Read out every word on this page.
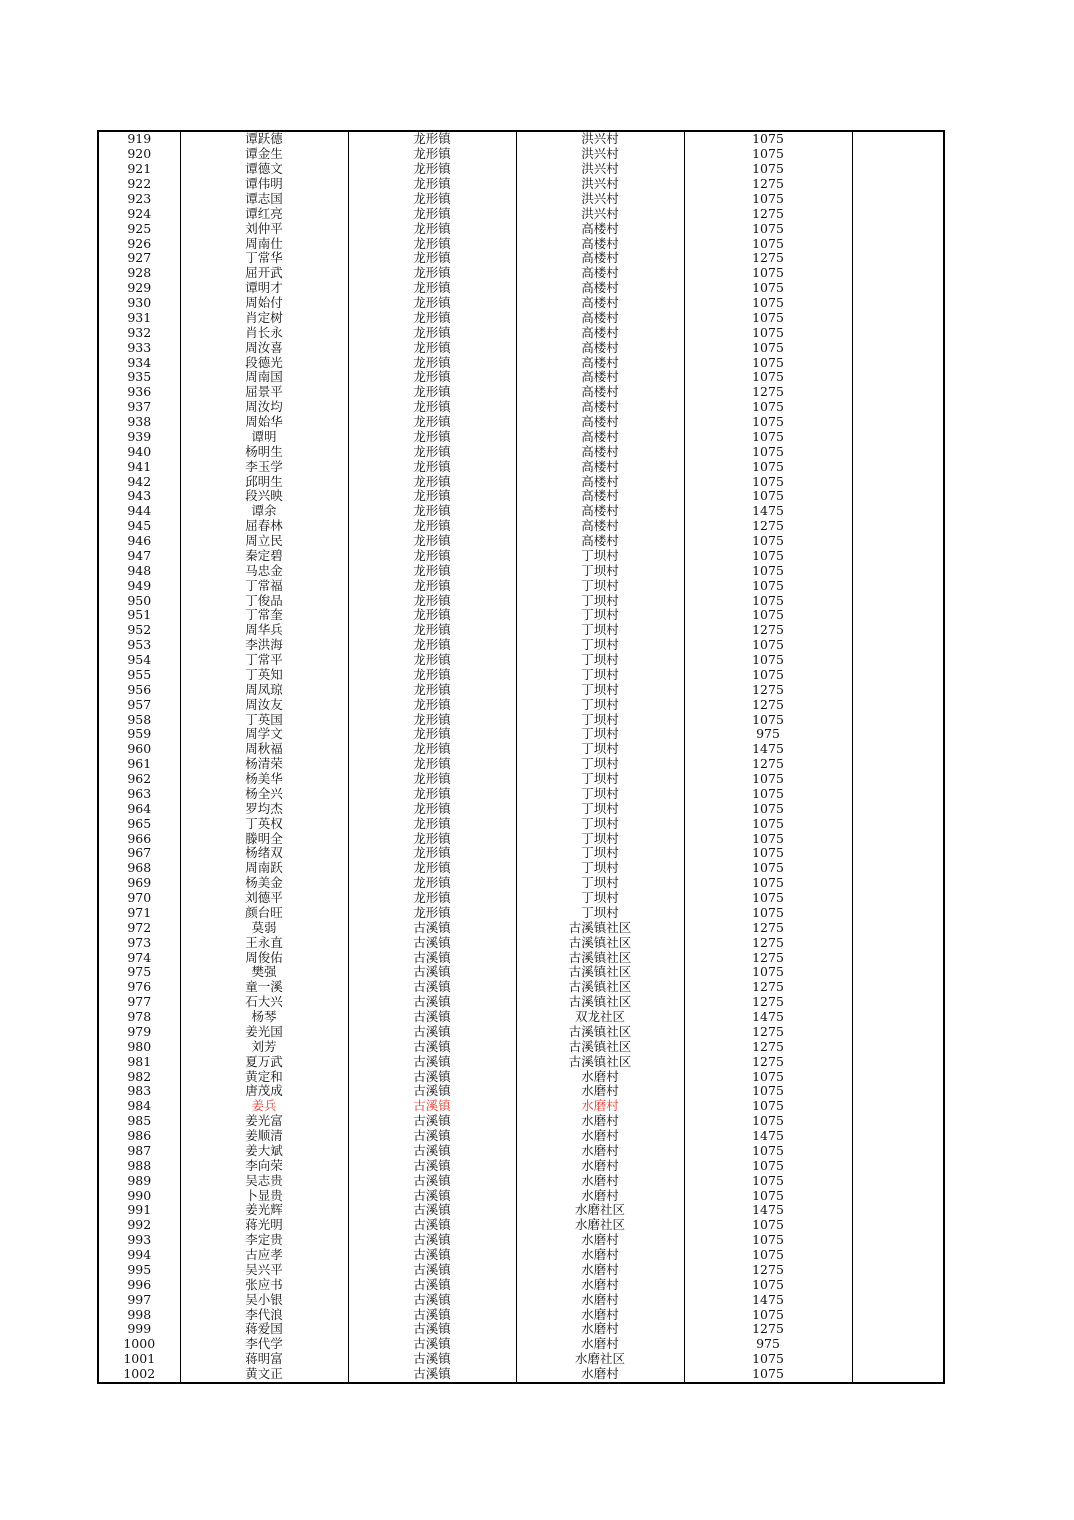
919	谭跃德	龙形镇	洪兴村	1075	
920	谭金生	龙形镇	洪兴村	1075	
921	谭德文	龙形镇	洪兴村	1075	
922	谭伟明	龙形镇	洪兴村	1275	
923	谭志国	龙形镇	洪兴村	1075	
924	谭红亮	龙形镇	洪兴村	1275	
925	刘仲平	龙形镇	高楼村	1075	
926	周南仕	龙形镇	高楼村	1075	
927	丁常华	龙形镇	高楼村	1275	
928	屈开武	龙形镇	高楼村	1075	
929	谭明才	龙形镇	高楼村	1075	
930	周始付	龙形镇	高楼村	1075	
931	肖定树	龙形镇	高楼村	1075	
932	肖长永	龙形镇	高楼村	1075	
933	周汝喜	龙形镇	高楼村	1075	
934	段德光	龙形镇	高楼村	1075	
935	周南国	龙形镇	高楼村	1075	
936	屈景平	龙形镇	高楼村	1275	
937	周汝均	龙形镇	高楼村	1075	
938	周始华	龙形镇	高楼村	1075	
939	谭明	龙形镇	高楼村	1075	
940	杨明生	龙形镇	高楼村	1075	
941	李玉学	龙形镇	高楼村	1075	
942	邱明生	龙形镇	高楼村	1075	
943	段兴映	龙形镇	高楼村	1075	
944	谭余	龙形镇	高楼村	1475	
945	屈春林	龙形镇	高楼村	1275	
946	周立民	龙形镇	高楼村	1075	
947	秦定碧	龙形镇	丁坝村	1075	
948	马忠金	龙形镇	丁坝村	1075	
949	丁常福	龙形镇	丁坝村	1075	
950	丁俊品	龙形镇	丁坝村	1075	
951	丁常奎	龙形镇	丁坝村	1075	
952	周华兵	龙形镇	丁坝村	1275	
953	李洪海	龙形镇	丁坝村	1075	
954	丁常平	龙形镇	丁坝村	1075	
955	丁英知	龙形镇	丁坝村	1075	
956	周凤琼	龙形镇	丁坝村	1275	
957	周汝友	龙形镇	丁坝村	1275	
958	丁英国	龙形镇	丁坝村	1075	
959	周学文	龙形镇	丁坝村	975	
960	周秋福	龙形镇	丁坝村	1475	
961	杨清荣	龙形镇	丁坝村	1275	
962	杨美华	龙形镇	丁坝村	1075	
963	杨全兴	龙形镇	丁坝村	1075	
964	罗均杰	龙形镇	丁坝村	1075	
965	丁英权	龙形镇	丁坝村	1075	
966	滕明全	龙形镇	丁坝村	1075	
967	杨绪双	龙形镇	丁坝村	1075	
968	周南跃	龙形镇	丁坝村	1075	
969	杨美金	龙形镇	丁坝村	1075	
970	刘德平	龙形镇	丁坝村	1075	
971	颜台旺	龙形镇	丁坝村	1075	
972	莫弱	古溪镇	古溪镇社区	1275	
973	王永直	古溪镇	古溪镇社区	1275	
974	周俊佑	古溪镇	古溪镇社区	1275	
975	樊强	古溪镇	古溪镇社区	1075	
976	童一溪	古溪镇	古溪镇社区	1275	
977	石大兴	古溪镇	古溪镇社区	1275	
978	杨琴	古溪镇	双龙社区	1475	
979	姜光国	古溪镇	古溪镇社区	1275	
980	刘芳	古溪镇	古溪镇社区	1275	
981	夏万武	古溪镇	古溪镇社区	1275	
982	黄定和	古溪镇	水磨村	1075	
983	唐茂成	古溪镇	水磨村	1075	
984	姜兵	古溪镇	水磨村	1075	
985	姜光富	古溪镇	水磨村	1075	
986	姜顺清	古溪镇	水磨村	1475	
987	姜大斌	古溪镇	水磨村	1075	
988	李向荣	古溪镇	水磨村	1075	
989	吴志贵	古溪镇	水磨村	1075	
990	卜显贵	古溪镇	水磨村	1075	
991	姜光辉	古溪镇	水磨社区	1475	
992	蒋光明	古溪镇	水磨社区	1075	
993	李定贵	古溪镇	水磨村	1075	
994	古应孝	古溪镇	水磨村	1075	
995	吴兴平	古溪镇	水磨村	1275	
996	张应书	古溪镇	水磨村	1075	
997	吴小银	古溪镇	水磨村	1475	
998	李代浪	古溪镇	水磨村	1075	
999	蒋爱国	古溪镇	水磨村	1275	
1000	李代学	古溪镇	水磨村	975	
1001	蒋明富	古溪镇	水磨社区	1075	
1002	黄文正	古溪镇	水磨村	1075	
